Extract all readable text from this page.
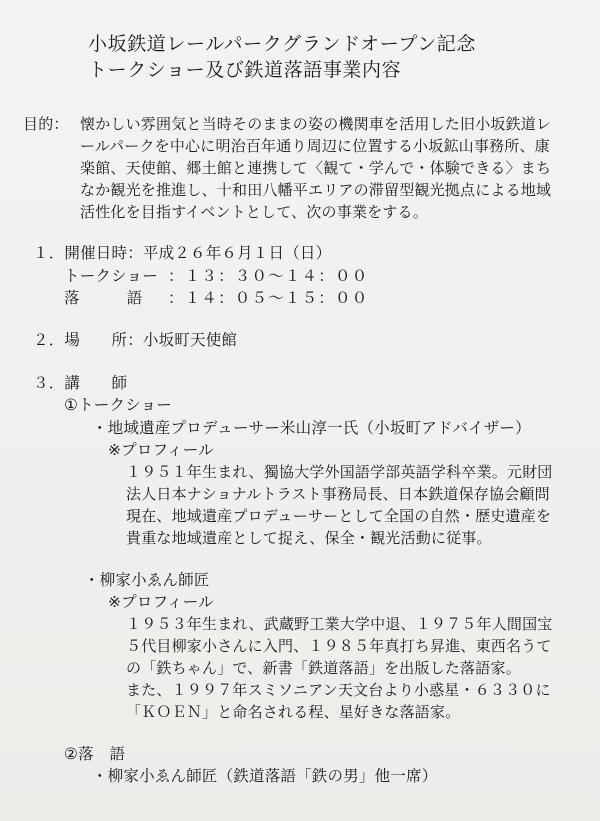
小坂鉄道レールパークグランドオープン記念
トークショー及び鉄道落語事業内容
目的： 懐かしい雰囲気と当時そのままの姿の機関車を活用した旧小坂鉄道レ
ールパークを中心に明治百年通り周辺に位置する小坂鉱山事務所、康
楽館、天使館、郷土館と連携して〈観て・学んで・体験できる〉まち
なか観光を推進し、十和田八幡平エリアの滞留型観光拠点による地域
活性化を目指すイベントとして、次の事業をする。
１．開催日時：平成２６年６月１日（日）
トークショー ：１３：３０～１４：００
落　　　語 ：１４：０５～１５：００
２．場　　所：小坂町天使館
３．講　　師
①トークショー
・地域遺産プロデューサー米山淳一氏（小坂町アドバイザー）
※プロフィール
１９５１年生まれ、獨協大学外国語学部英語学科卒業。元財団
法人日本ナショナルトラスト事務局長、日本鉄道保存協会顧問
現在、地域遺産プロデューサーとして全国の自然・歴史遺産を
貴重な地域遺産として捉え、保全・観光活動に従事。
・柳家小ゑん師匠
※プロフィール
１９５３年生まれ、武蔵野工業大学中退、１９７５年人間国宝
５代目柳家小さんに入門、１９８５年真打ち昇進、東西名うて
の「鉄ちゃん」で、新書「鉄道落語」を出版した落語家。
また、１９９７年スミソニアン天文台より小惑星・６３３０に
「ＫＯＥＮ」と命名される程、星好きな落語家。
②落　語
・柳家小ゑん師匠（鉄道落語「鉄の男」他一席）
